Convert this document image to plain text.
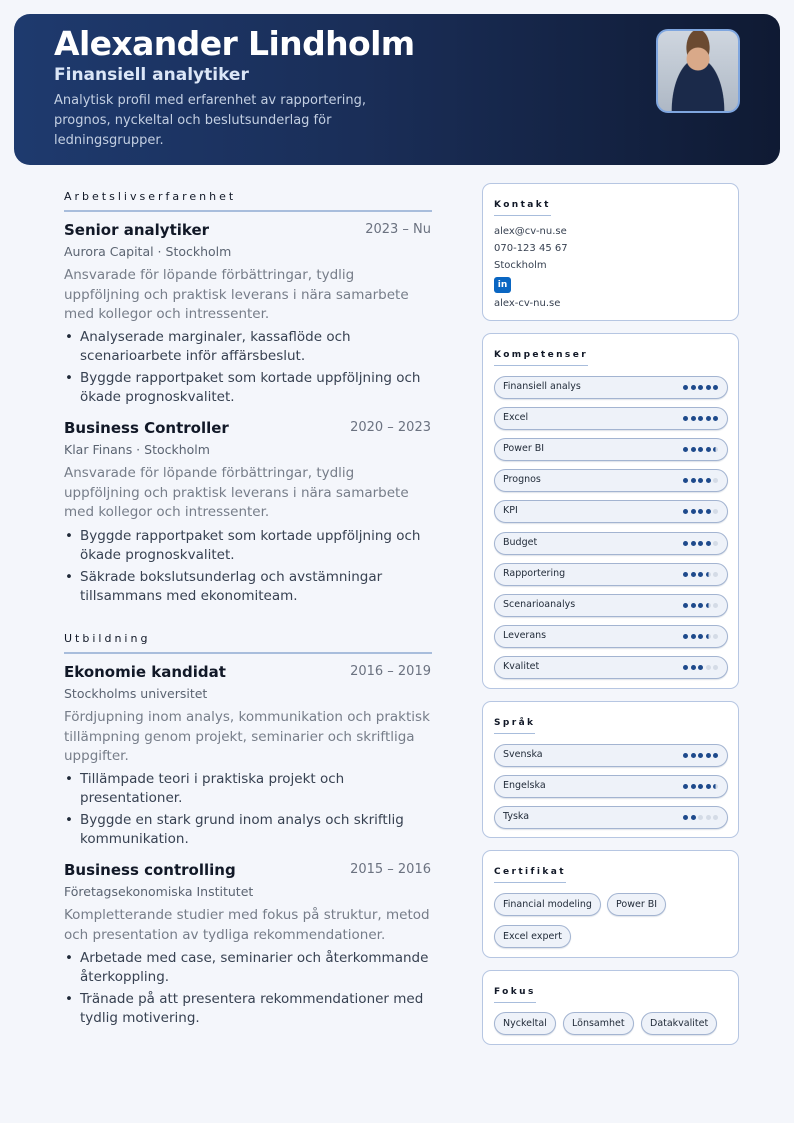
Alexander Lindholm
Finansiell analytiker
Analytisk profil med erfarenhet av rapportering, prognos, nyckeltal och beslutsunderlag för ledningsgrupper.
Arbetslivserfarenhet
Senior analytiker	2023 – Nu
Aurora Capital · Stockholm
Ansvarade för löpande förbättringar, tydlig uppföljning och praktisk leverans i nära samarbete med kollegor och intressenter.
• Analyserade marginaler, kassaflöde och scenarioarbete inför affärsbeslut.
• Byggde rapportpaket som kortade uppföljning och ökade prognoskvalitet.
Business Controller	2020 – 2023
Klar Finans · Stockholm
Ansvarade för löpande förbättringar, tydlig uppföljning och praktisk leverans i nära samarbete med kollegor och intressenter.
• Byggde rapportpaket som kortade uppföljning och ökade prognoskvalitet.
• Säkrade bokslutsunderlag och avstämningar tillsammans med ekonomiteam.
Utbildning
Ekonomie kandidat	2016 – 2019
Stockholms universitet
Fördjupning inom analys, kommunikation och praktisk tillämpning genom projekt, seminarier och skriftliga uppgifter.
• Tillämpade teori i praktiska projekt och presentationer.
• Byggde en stark grund inom analys och skriftlig kommunikation.
Business controlling	2015 – 2016
Företagsekonomiska Institutet
Kompletterande studier med fokus på struktur, metod och presentation av tydliga rekommendationer.
• Arbetade med case, seminarier och återkommande återkoppling.
• Tränade på att presentera rekommendationer med tydlig motivering.
Kontakt
alex@cv-nu.se
070-123 45 67
Stockholm
in
alex-cv-nu.se
Kompetenser
Finansiell analys
Excel
Power BI
Prognos
KPI
Budget
Rapportering
Scenarioanalys
Leverans
Kvalitet
Språk
Svenska
Engelska
Tyska
Certifikat
Financial modeling	Power BI
Excel expert
Fokus
Nyckeltal	Lönsamhet	Datakvalitet
